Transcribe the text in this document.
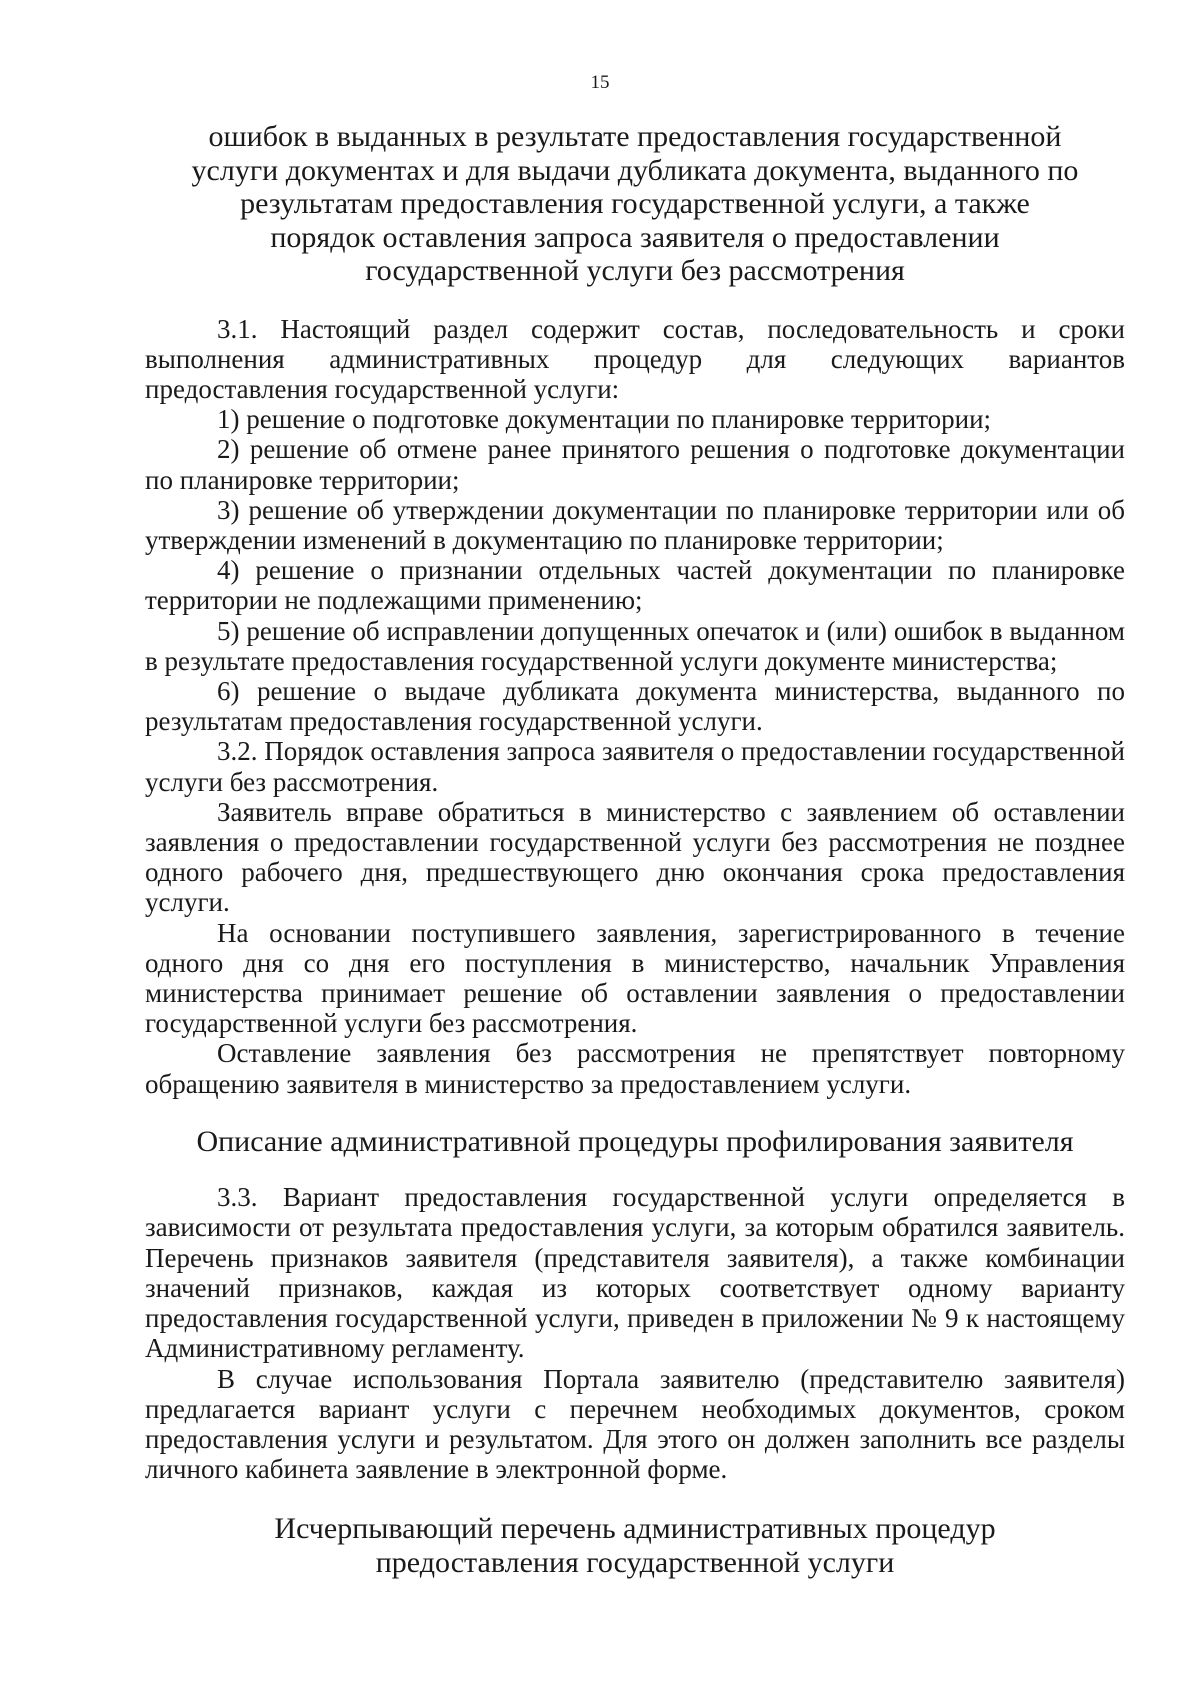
15
ошибок в выданных в результате предоставления государственной
услуги документах и для выдачи дубликата документа, выданного по
результатам предоставления государственной услуги, а также
порядок оставления запроса заявителя о предоставлении
государственной услуги без рассмотрения

3.1. Настоящий раздел содержит состав, последовательность и сроки выполнения административных процедур для следующих вариантов предоставления государственной услуги:

1) решение о подготовке документации по планировке территории;

2) решение об отмене ранее принятого решения о подготовке документации по планировке территории;

3) решение об утверждении документации по планировке территории или об утверждении изменений в документацию по планировке территории;

4) решение о признании отдельных частей документации по планировке территории не подлежащими применению;

5) решение об исправлении допущенных опечаток и (или) ошибок в выданном в результате предоставления государственной услуги документе министерства;

6) решение о выдаче дубликата документа министерства, выданного по результатам предоставления государственной услуги.

3.2. Порядок оставления запроса заявителя о предоставлении государственной услуги без рассмотрения.

Заявитель вправе обратиться в министерство с заявлением об оставлении заявления о предоставлении государственной услуги без рассмотрения не позднее одного рабочего дня, предшествующего дню окончания срока предоставления услуги.

На основании поступившего заявления, зарегистрированного в течение одного дня со дня его поступления в министерство, начальник Управления министерства принимает решение об оставлении заявления о предоставлении государственной услуги без рассмотрения.

Оставление заявления без рассмотрения не препятствует повторному обращению заявителя в министерство за предоставлением услуги.

Описание административной процедуры профилирования заявителя

3.3. Вариант предоставления государственной услуги определяется в зависимости от результата предоставления услуги, за которым обратился заявитель. Перечень признаков заявителя (представителя заявителя), а также комбинации значений признаков, каждая из которых соответствует одному варианту предоставления государственной услуги, приведен в приложении № 9 к настоящему Административному регламенту.

В случае использования Портала заявителю (представителю заявителя) предлагается вариант услуги с перечнем необходимых документов, сроком предоставления услуги и результатом. Для этого он должен заполнить все разделы личного кабинета заявление в электронной форме.

Исчерпывающий перечень административных процедур
предоставления государственной услуги
